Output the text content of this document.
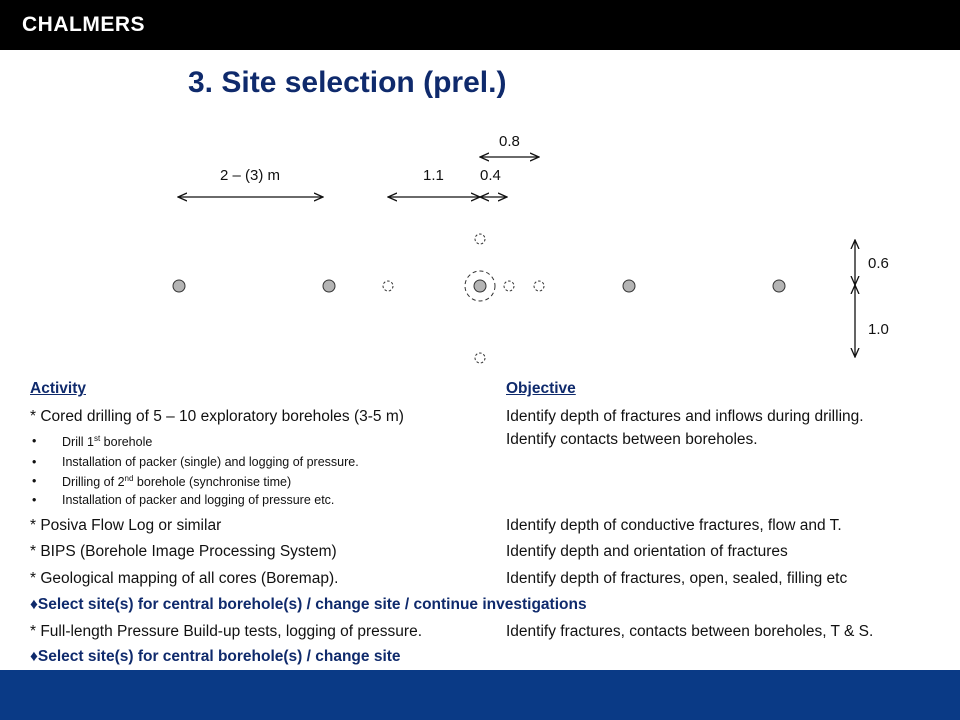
CHALMERS
3. Site selection (prel.)
2 – (3) m	1.1 0.4
0.8
0.6
1.0
Activity	Objective
* Cored drilling of 5 – 10 exploratory boreholes (3-5 m)	Identify depth of fractures and inflows during drilling.
Identify contacts between boreholes.
• Drill 1st borehole
• Installation of packer (single) and logging of pressure.
• Drilling of 2nd borehole (synchronise time)
• Installation of packer and logging of pressure etc.
* Posiva Flow Log or similar	Identify depth of conductive fractures, flow and T.
* BIPS (Borehole Image Processing System)	Identify depth and orientation of fractures
* Geological mapping of all cores (Boremap).	Identify depth of fractures, open, sealed, filling etc
♦Select site(s) for central borehole(s) / change site / continue investigations
* Full-length Pressure Build-up tests, logging of pressure.	Identify fractures, contacts between boreholes, T & S.
♦Select site(s) for central borehole(s) / change site
